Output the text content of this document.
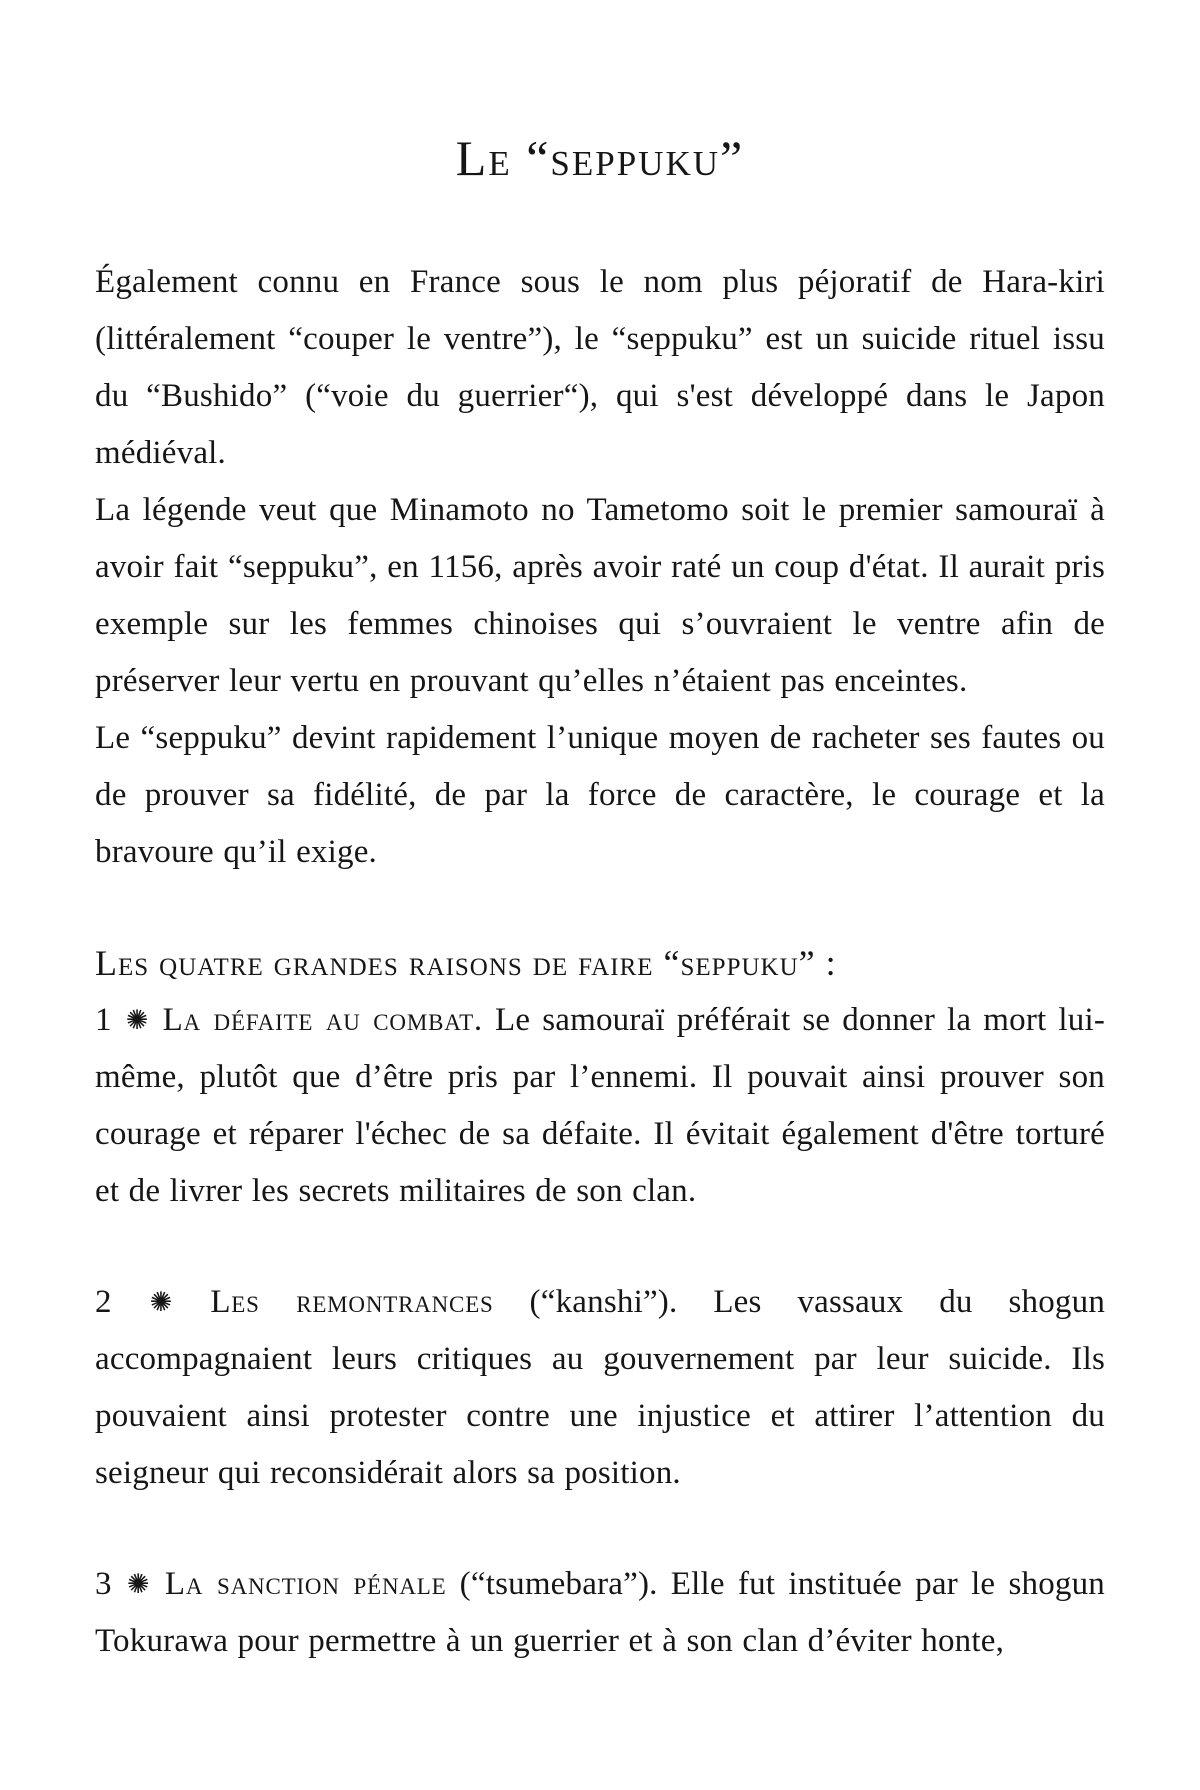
Le “seppuku”

Également connu en France sous le nom plus péjoratif de Hara-kiri (littéralement “couper le ventre”), le “seppuku” est un suicide rituel issu du “Bushido” (“voie du guerrier“), qui s'est développé dans le Japon médiéval.

La légende veut que Minamoto no Tametomo soit le premier samouraï à avoir fait “seppuku”, en 1156, après avoir raté un coup d'état. Il aurait pris exemple sur les femmes chinoises qui s’ouvraient le ventre afin de préserver leur vertu en prouvant qu’elles n’étaient pas enceintes.

Le “seppuku” devint rapidement l’unique moyen de racheter ses fautes ou de prouver sa fidélité, de par la force de caractère, le courage et la bravoure qu’il exige.

Les quatre grandes raisons de faire “seppuku” :

1 ✺ La défaite au combat. Le samouraï préférait se donner la mort lui-même, plutôt que d’être pris par l’ennemi. Il pouvait ainsi prouver son courage et réparer l'échec de sa défaite. Il évitait également d'être torturé et de livrer les secrets militaires de son clan.

2 ✺ Les remontrances (“kanshi”). Les vassaux du shogun accompagnaient leurs critiques au gouvernement par leur suicide. Ils pouvaient ainsi protester contre une injustice et attirer l’attention du seigneur qui reconsidérait alors sa position.

3 ✺ La sanction pénale (“tsumebara”). Elle fut instituée par le shogun Tokurawa pour permettre à un guerrier et à son clan d’éviter honte,
